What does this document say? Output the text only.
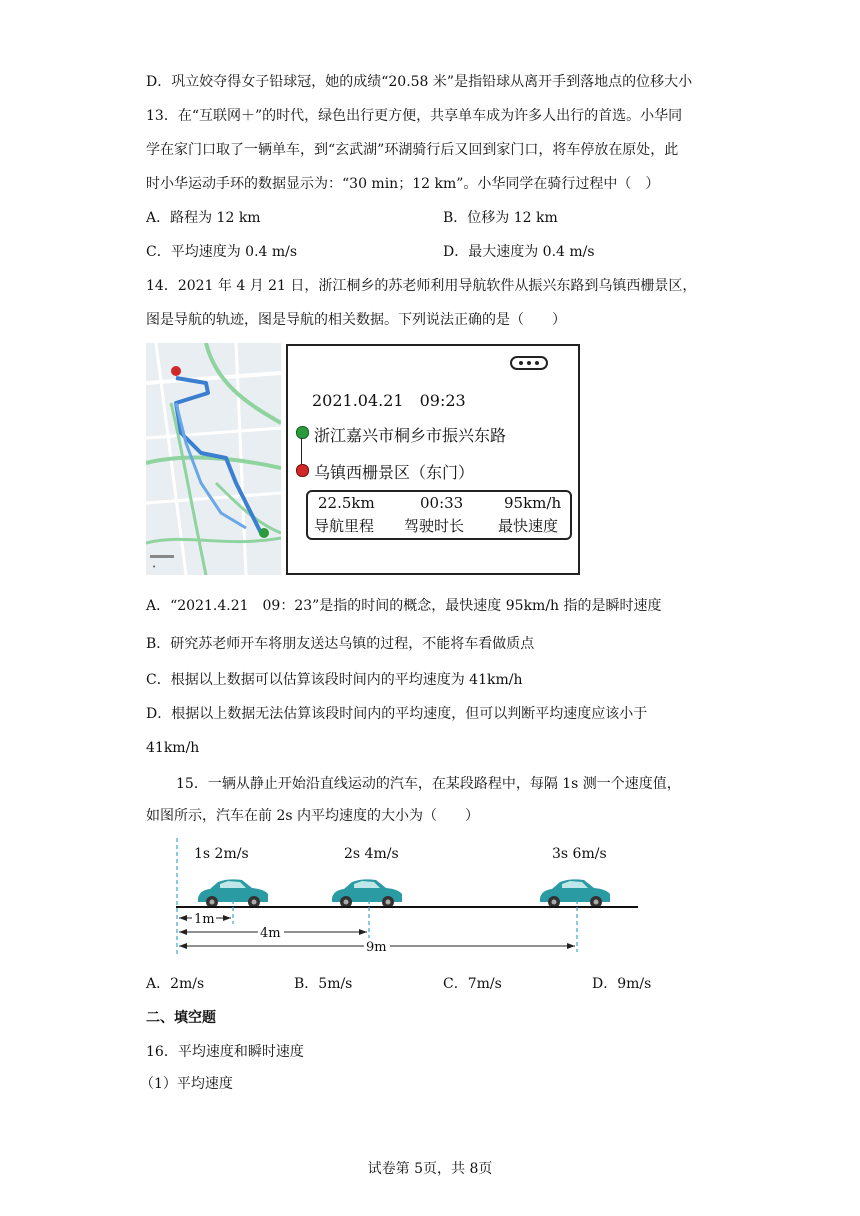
D．巩立姣夺得女子铅球冠，她的成绩“20.58 米”是指铅球从离开手到落地点的位移大小
13．在“互联网＋”的时代，绿色出行更方便，共享单车成为许多人出行的首选。小华同
学在家门口取了一辆单车，到“玄武湖”环湖骑行后又回到家门口，将车停放在原处，此
时小华运动手环的数据显示为：“30 min；12 km”。小华同学在骑行过程中（　）
A．路程为 12 km	B．位移为 12 km
C．平均速度为 0.4 m/s	D．最大速度为 0.4 m/s
14．2021 年 4 月 21 日，浙江桐乡的苏老师利用导航软件从振兴东路到乌镇西栅景区，
图是导航的轨迹，图是导航的相关数据。下列说法正确的是（　　）
•
2021.04.21　09:23
浙江嘉兴市桐乡市振兴东路
乌镇西栅景区（东门）
22.5km	00:33	95km/h
导航里程 驾驶时长 最快速度
A．“2021.4.21　09：23”是指的时间的概念，最快速度 95km/h 指的是瞬时速度
B．研究苏老师开车将朋友送达乌镇的过程，不能将车看做质点
C．根据以上数据可以估算该段时间内的平均速度为 41km/h
D．根据以上数据无法估算该段时间内的平均速度，但可以判断平均速度应该小于
41km/h
15．一辆从静止开始沿直线运动的汽车，在某段路程中，每隔 1s 测一个速度值，
如图所示，汽车在前 2s 内平均速度的大小为（　　）
1s 2m/s	2s 4m/s	3s 6m/s
1m
4m
9m
A．2m/s	B．5m/s	C．7m/s	D．9m/s
二、填空题
16．平均速度和瞬时速度
（1）平均速度
试卷第 5页，共 8页
